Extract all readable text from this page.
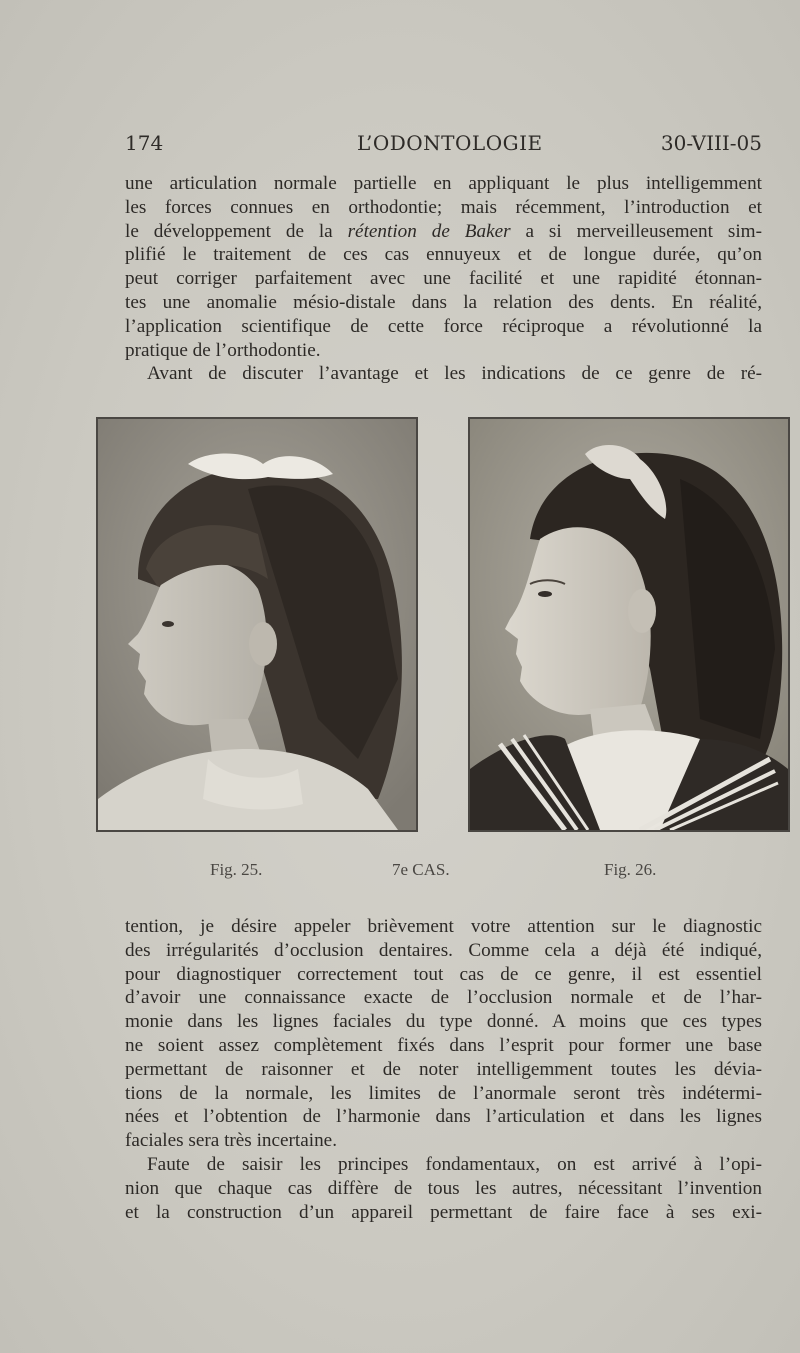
174	L’ODONTOLOGIE	30-VIII-05
une articulation normale partielle en appliquant le plus intelligemment
les forces connues en orthodontie; mais récemment, l’introduction et
le développement de la rétention de Baker a si merveilleusement sim-
plifié le traitement de ces cas ennuyeux et de longue durée, qu’on
peut corriger parfaitement avec une facilité et une rapidité étonnan-
tes une anomalie mésio-distale dans la relation des dents. En réalité,
l’application scientifique de cette force réciproque a révolutionné la
pratique de l’orthodontie.
Avant de discuter l’avantage et les indications de ce genre de ré-
Fig. 25.	7e CAS.	Fig. 26.
tention, je désire appeler brièvement votre attention sur le diagnostic
des irrégularités d’occlusion dentaires. Comme cela a déjà été indiqué,
pour diagnostiquer correctement tout cas de ce genre, il est essentiel
d’avoir une connaissance exacte de l’occlusion normale et de l’har-
monie dans les lignes faciales du type donné. A moins que ces types
ne soient assez complètement fixés dans l’esprit pour former une base
permettant de raisonner et de noter intelligemment toutes les dévia-
tions de la normale, les limites de l’anormale seront très indétermi-
nées et l’obtention de l’harmonie dans l’articulation et dans les lignes
faciales sera très incertaine.
Faute de saisir les principes fondamentaux, on est arrivé à l’opi-
nion que chaque cas diffère de tous les autres, nécessitant l’invention
et la construction d’un appareil permettant de faire face à ses exi-
